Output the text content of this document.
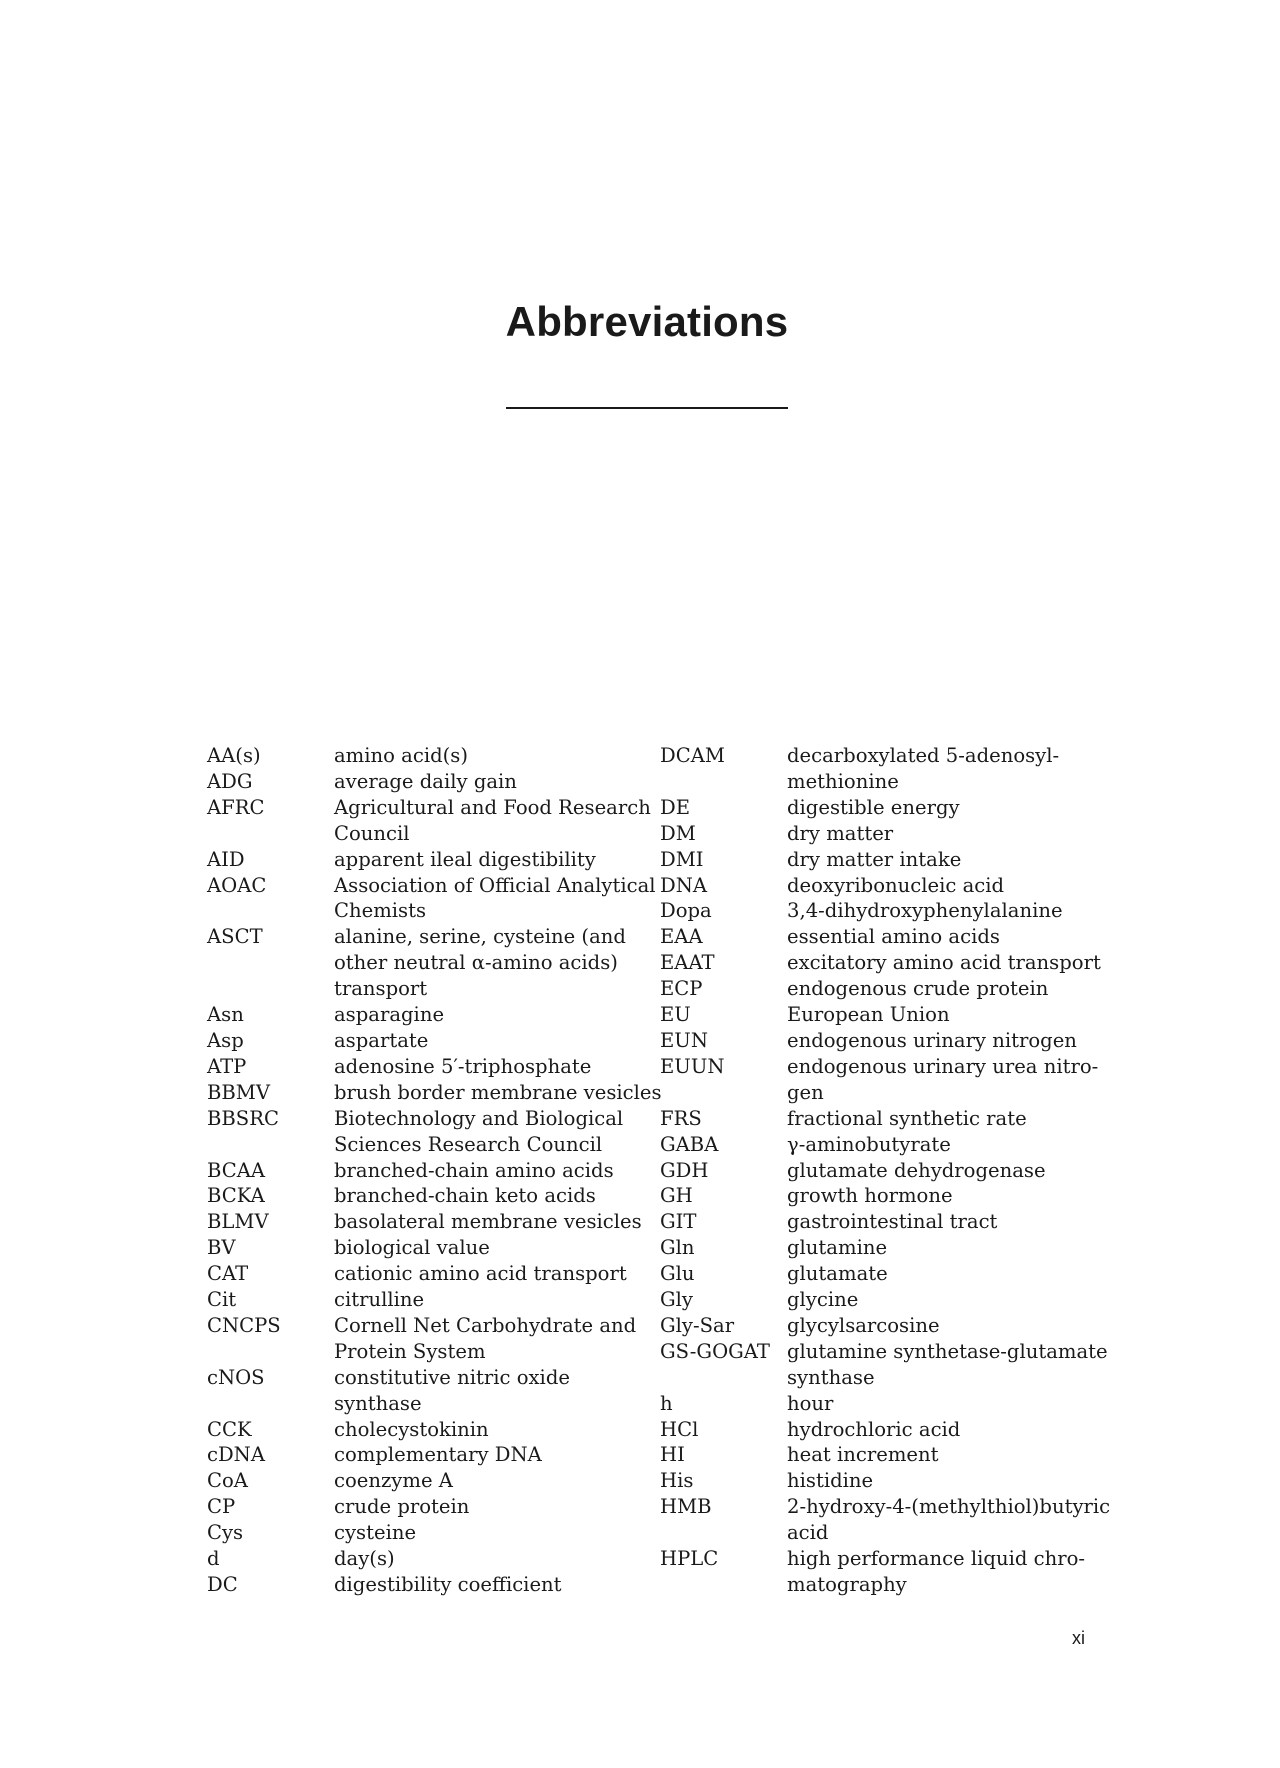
Abbreviations
AA(s)	amino acid(s)
ADG	average daily gain
AFRC	Agricultural and Food Research
Council
AID	apparent ileal digestibility
AOAC	Association of Official Analytical
Chemists
ASCT	alanine, serine, cysteine (and
other neutral α-amino acids)
transport
Asn	asparagine
Asp	aspartate
ATP	adenosine 5′-triphosphate
BBMV	brush border membrane vesicles
BBSRC	Biotechnology and Biological
Sciences Research Council
BCAA	branched-chain amino acids
BCKA	branched-chain keto acids
BLMV	basolateral membrane vesicles
BV	biological value
CAT	cationic amino acid transport
Cit	citrulline
CNCPS	Cornell Net Carbohydrate and
Protein System
cNOS	constitutive nitric oxide
synthase
CCK	cholecystokinin
cDNA	complementary DNA
CoA	coenzyme A
CP	crude protein
Cys	cysteine
d	day(s)
DC	digestibility coefficient
DCAM	decarboxylated 5-adenosyl-
methionine
DE	digestible energy
DM	dry matter
DMI	dry matter intake
DNA	deoxyribonucleic acid
Dopa	3,4-dihydroxyphenylalanine
EAA	essential amino acids
EAAT	excitatory amino acid transport
ECP	endogenous crude protein
EU	European Union
EUN	endogenous urinary nitrogen
EUUN	endogenous urinary urea nitro-
gen
FRS	fractional synthetic rate
GABA	γ-aminobutyrate
GDH	glutamate dehydrogenase
GH	growth hormone
GIT	gastrointestinal tract
Gln	glutamine
Glu	glutamate
Gly	glycine
Gly-Sar	glycylsarcosine
GS-GOGAT glutamine synthetase-glutamate
synthase
h	hour
HCl	hydrochloric acid
HI	heat increment
His	histidine
HMB	2-hydroxy-4-(methylthiol)butyric
acid
HPLC	high performance liquid chro-
matography
xi
